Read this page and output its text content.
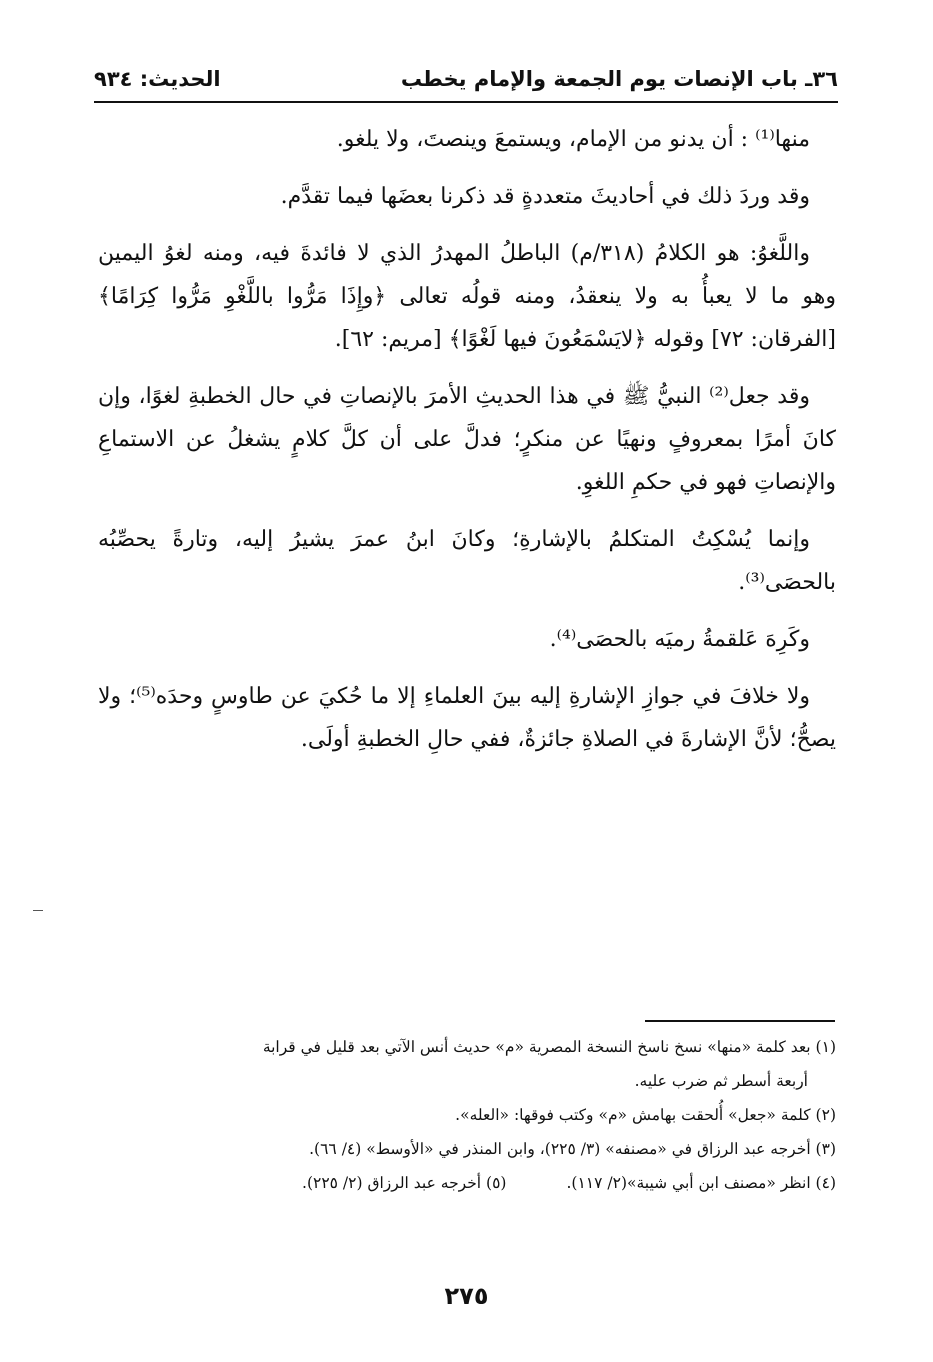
٣٦ـ باب الإنصات يوم الجمعة والإمام يخطب
الحديث: ٩٣٤

منها⁽¹⁾ : أن يدنو من الإمام، ويستمعَ وينصتَ، ولا يلغو.

وقد وردَ ذلك في أحاديثَ متعددةٍ قد ذكرنا بعضَها فيما تقدَّم.

واللَّغوُ: هو الكلامُ (٣١٨/م) الباطلُ المهدرُ الذي لا فائدةَ فيه، ومنه لغوُ اليمين وهو ما لا يعبأُ به ولا ينعقدُ، ومنه قولُه تعالى ﴿وإِذَا مَرُّوا باللَّغْوِ مَرُّوا كِرَامًا﴾ [الفرقان: ٧٢] وقوله ﴿لايَسْمَعُونَ فيها لَغْوًا﴾ [مريم: ٦٢].

وقد جعل⁽²⁾ النبيُّ ﷺ في هذا الحديثِ الأمرَ بالإنصاتِ في حال الخطبةِ لغوًا، وإن كانَ أمرًا بمعروفٍ ونهيًا عن منكرٍ؛ فدلَّ على أن كلَّ كلامٍ يشغلُ عن الاستماعِ والإنصاتِ فهو في حكمِ اللغوِ.

وإنما يُسْكِتُ المتكلمُ بالإشارةِ؛ وكانَ ابنُ عمرَ يشيرُ إليه، وتارةً يحصِّبُه بالحصَى⁽³⁾.

وكَرِهَ عَلقمةُ رميَه بالحصَى⁽⁴⁾.

ولا خلافَ في جوازِ الإشارةِ إليه بينَ العلماءِ إلا ما حُكيَ عن طاوسٍ وحدَه⁽⁵⁾؛ ولا يصحُّ؛ لأنَّ الإشارةَ في الصلاةِ جائزةٌ، ففي حالِ الخطبةِ أولَى.

(١) بعد كلمة «منها» نسخ ناسخ النسخة المصرية «م» حديث أنس الآتي بعد قليل في قرابة

أربعة أسطر ثم ضرب عليه.

(٢) كلمة «جعل» أُلحقت بهامش «م» وكتب فوقها: «العله».

(٣) أخرجه عبد الرزاق في «مصنفه» (٣/ ٢٢٥)، وابن المنذر في «الأوسط» (٤/ ٦٦).

(٤) انظر «مصنف ابن أبي شيبة»(٢/ ١١٧).
(٥) أخرجه عبد الرزاق (٢/ ٢٢٥).
٢٧٥
